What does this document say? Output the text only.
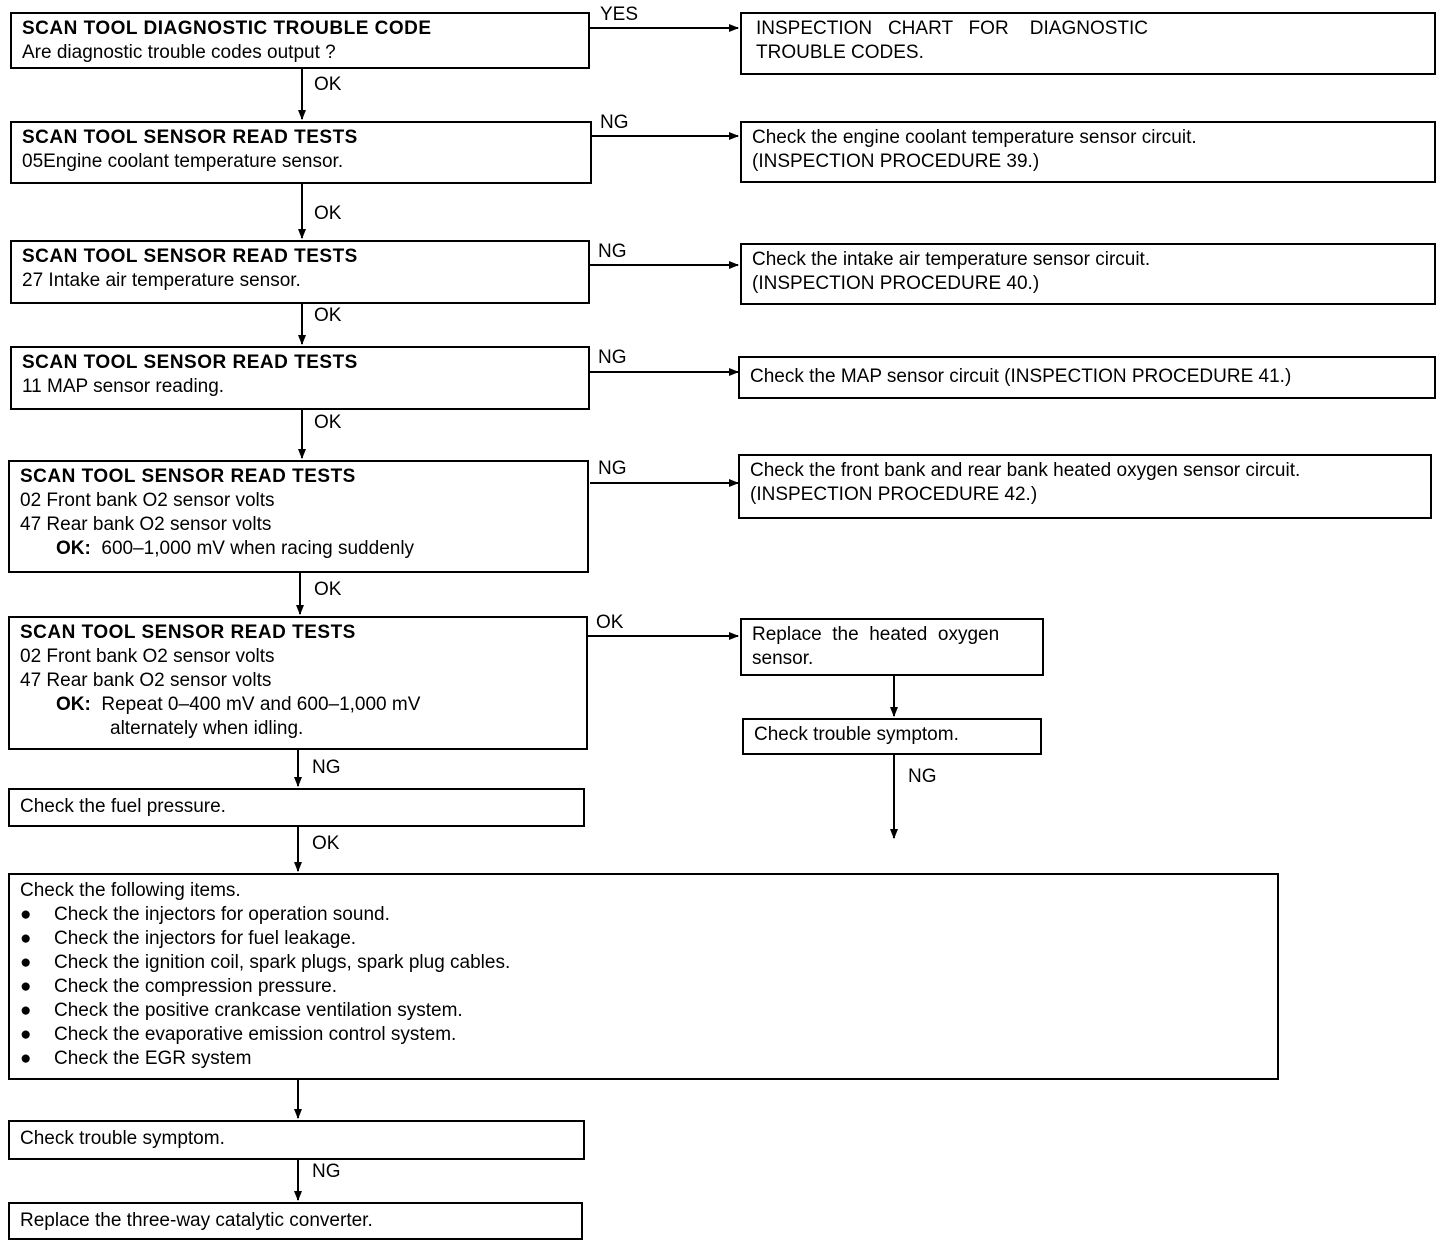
YES
OK
NG
OK
NG
OK
NG
OK
NG
OK
OK
NG	NG
OK
NG
SCAN TOOL DIAGNOSTIC TROUBLE CODE
Are diagnostic trouble codes output ?
INSPECTION   CHART   FOR    DIAGNOSTIC
TROUBLE CODES.
SCAN TOOL SENSOR READ TESTS
05Engine coolant temperature sensor.
Check the engine coolant temperature sensor circuit.
(INSPECTION PROCEDURE 39.)
SCAN TOOL SENSOR READ TESTS
27 Intake air temperature sensor.
Check the intake air temperature sensor circuit.
(INSPECTION PROCEDURE 40.)
SCAN TOOL SENSOR READ TESTS
11 MAP sensor reading.	Check the MAP sensor circuit (INSPECTION PROCEDURE 41.)
SCAN TOOL SENSOR READ TESTS
02 Front bank O2 sensor volts
47 Rear bank O2 sensor volts
OK: 600–1,000 mV when racing suddenly
Check the front bank and rear bank heated oxygen sensor circuit.
(INSPECTION PROCEDURE 42.)
SCAN TOOL SENSOR READ TESTS
02 Front bank O2 sensor volts
47 Rear bank O2 sensor volts
OK: Repeat 0–400 mV and 600–1,000 mV
alternately when idling.
Replace  the  heated  oxygen
sensor.
Check trouble symptom.
Check the fuel pressure.
Check the following items.
● Check the injectors for operation sound.
● Check the injectors for fuel leakage.
● Check the ignition coil, spark plugs, spark plug cables.
● Check the compression pressure.
● Check the positive crankcase ventilation system.
● Check the evaporative emission control system.
● Check the EGR system
Check trouble symptom.
Replace the three-way catalytic converter.
